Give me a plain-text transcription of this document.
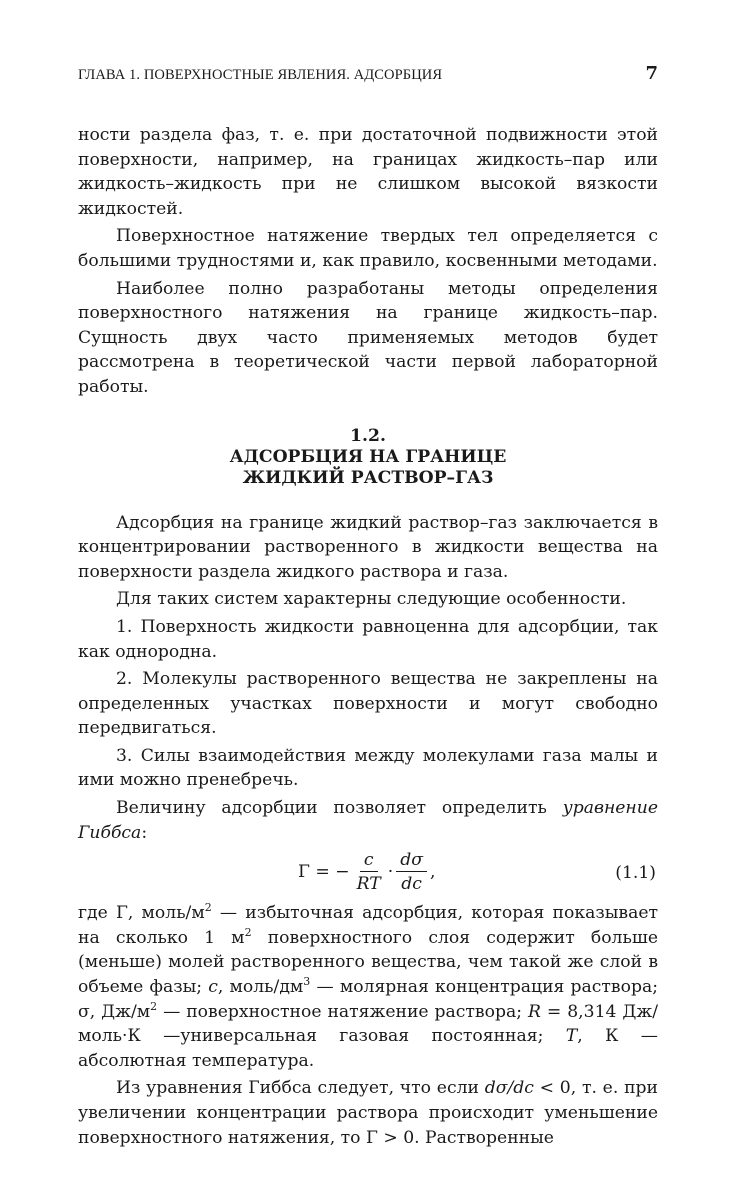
ГЛАВА 1. ПОВЕРХНОСТНЫЕ ЯВЛЕНИЯ. АДСОРБЦИЯ	7

ности раздела фаз, т. е. при достаточной подвижности этой поверхности, например, на границах жидкость–пар или жидкость–жидкость при не слишком высокой вязкости жидкостей.

Поверхностное натяжение твердых тел определяется с большими трудностями и, как правило, косвенными методами.

Наиболее полно разработаны методы определения поверхностного натяжения на границе жидкость–пар. Сущность двух часто применяемых методов будет рассмотрена в теоретической части первой лабораторной работы.

1.2.
АДСОРБЦИЯ НА ГРАНИЦЕ
ЖИДКИЙ РАСТВОР–ГАЗ

Адсорбция на границе жидкий раствор–газ заключается в концентрировании растворенного в жидкости вещества на поверхности раздела жидкого раствора и газа.

Для таких систем характерны следующие особенности.

1. Поверхность жидкости равноценна для адсорбции, так как однородна.

2. Молекулы растворенного вещества не закреплены на определенных участках поверхности и могут свободно передвигаться.

3. Силы взаимодействия между молекулами газа малы и ими можно пренебречь.

Величину адсорбции позволяет определить уравнение Гиббса:

Γ = − $\frac{c}{RT} \cdot \frac{d\sigma}{dc}$ ,	(1.1)

где Γ, моль/$м^2$ — избыточная адсорбция, которая показывает на сколько 1 $м^2$ поверхностного слоя содержит больше (меньше) молей растворенного вещества, чем такой же слой в объеме фазы; c, моль/$дм^3$ — молярная концентрация раствора; σ, $Дж/м^2$ — поверхностное натяжение раствора; R = 8,314 Дж/моль·К —универсальная газовая постоянная; T, К — абсолютная температура.

Из уравнения Гиббса следует, что если dσ/dc < 0, т. е. при увеличении концентрации раствора происходит уменьшение поверхностного натяжения, то Γ > 0. Растворенные
